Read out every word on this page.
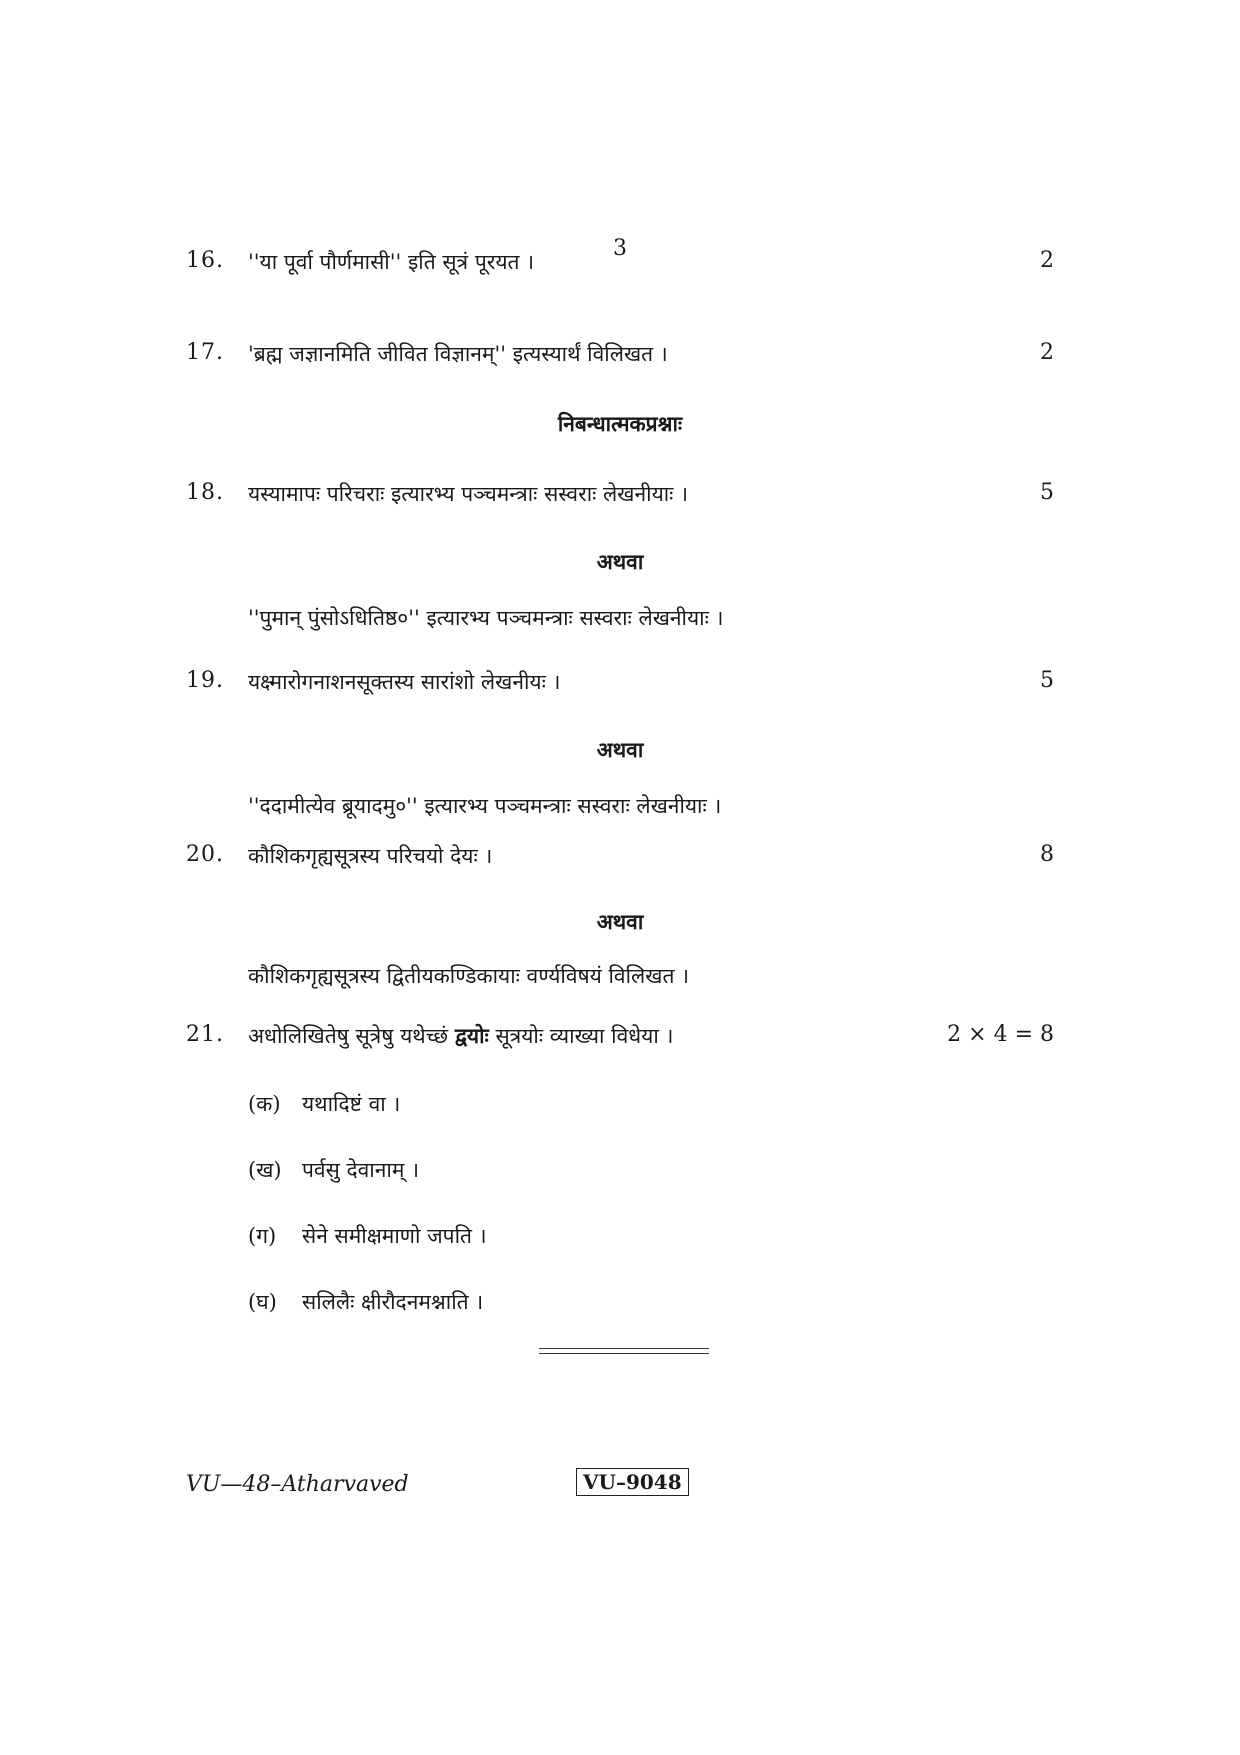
3
16. ''या पूर्वा पौर्णमासी'' इति सूत्रं पूरयत ।	2
17. 'ब्रह्म जज्ञानमिति जीवित विज्ञानम्'' इत्यस्यार्थं विलिखत ।	2
निबन्धात्मकप्रश्नाः
18. यस्यामापः परिचराः इत्यारभ्य पञ्चमन्त्राः सस्वराः लेखनीयाः ।	5
अथवा
''पुमान् पुंसोऽधितिष्ठ०'' इत्यारभ्य पञ्चमन्त्राः सस्वराः लेखनीयाः ।
19. यक्ष्मारोगनाशनसूक्तस्य सारांशो लेखनीयः ।	5
अथवा
''ददामीत्येव ब्रूयादमु०'' इत्यारभ्य पञ्चमन्त्राः सस्वराः लेखनीयाः ।
20. कौशिकगृह्यसूत्रस्य परिचयो देयः ।	8
अथवा
कौशिकगृह्यसूत्रस्य द्वितीयकण्डिकायाः वर्ण्यविषयं विलिखत ।
21. अधोलिखितेषु सूत्रेषु यथेच्छं द्वयोः सूत्रयोः व्याख्या विधेया ।	2 × 4 = 8
(क) यथादिष्टं वा ।
(ख) पर्वसु देवानाम् ।
(ग) सेने समीक्षमाणो जपति ।
(घ) सलिलैः क्षीरौदनमश्नाति ।
VU—48–Atharvaved	VU–9048
